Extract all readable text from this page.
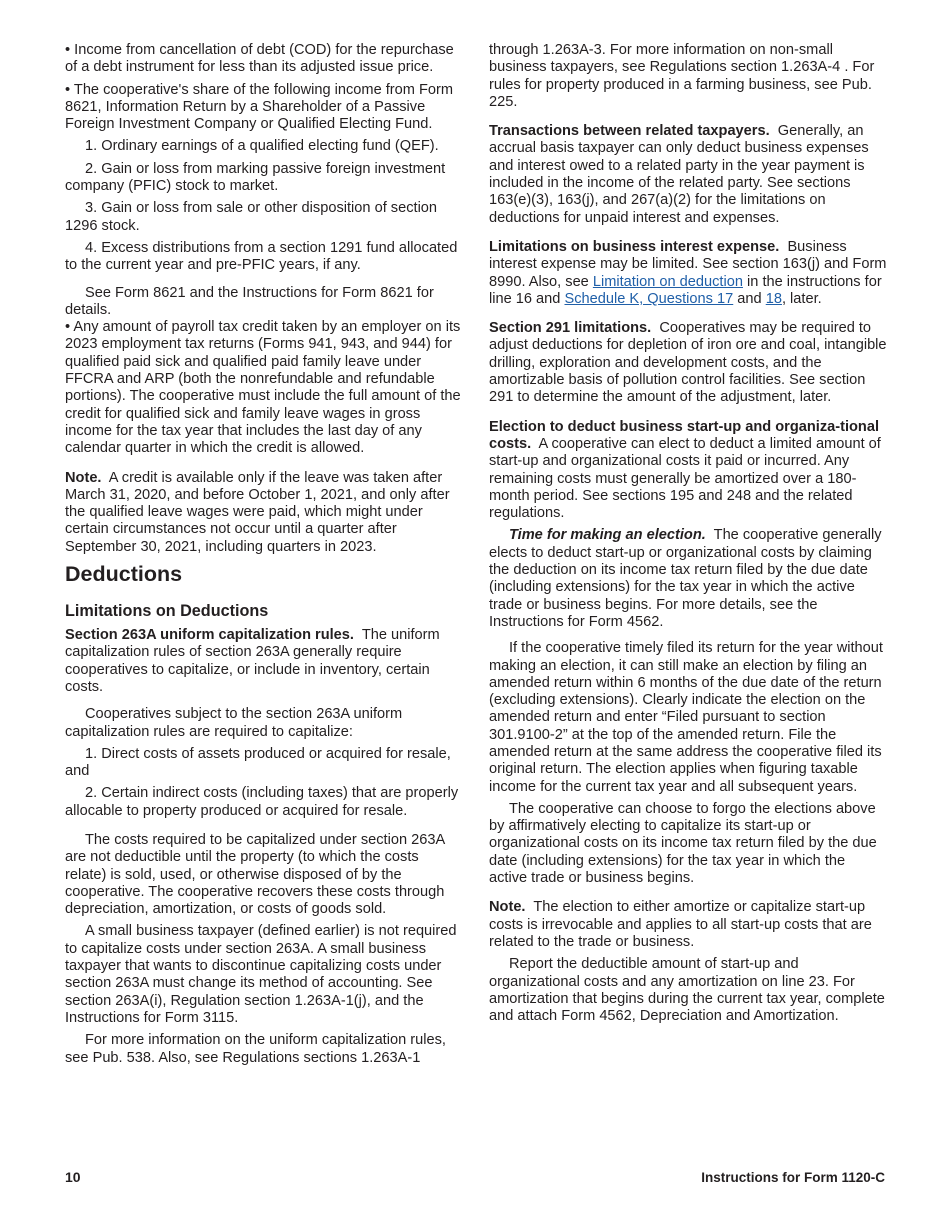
• Income from cancellation of debt (COD) for the repurchase of a debt instrument for less than its adjusted issue price.

• The cooperative's share of the following income from Form 8621, Information Return by a Shareholder of a Passive Foreign Investment Company or Qualified Electing Fund.

1. Ordinary earnings of a qualified electing fund (QEF).

2. Gain or loss from marking passive foreign investment company (PFIC) stock to market.

3. Gain or loss from sale or other disposition of section 1296 stock.

4. Excess distributions from a section 1291 fund allocated to the current year and pre-PFIC years, if any.

See Form 8621 and the Instructions for Form 8621 for details.

• Any amount of payroll tax credit taken by an employer on its 2023 employment tax returns (Forms 941, 943, and 944) for qualified paid sick and qualified paid family leave under FFCRA and ARP (both the nonrefundable and refundable portions). The cooperative must include the full amount of the credit for qualified sick and family leave wages in gross income for the tax year that includes the last day of any calendar quarter in which the credit is allowed.

Note. A credit is available only if the leave was taken after March 31, 2020, and before October 1, 2021, and only after the qualified leave wages were paid, which might under certain circumstances not occur until a quarter after September 30, 2021, including quarters in 2023.

Deductions
Limitations on Deductions

Section 263A uniform capitalization rules. The uniform capitalization rules of section 263A generally require cooperatives to capitalize, or include in inventory, certain costs.

Cooperatives subject to the section 263A uniform capitalization rules are required to capitalize:

1. Direct costs of assets produced or acquired for resale, and

2. Certain indirect costs (including taxes) that are properly allocable to property produced or acquired for resale.

The costs required to be capitalized under section 263A are not deductible until the property (to which the costs relate) is sold, used, or otherwise disposed of by the cooperative. The cooperative recovers these costs through depreciation, amortization, or costs of goods sold.

A small business taxpayer (defined earlier) is not required to capitalize costs under section 263A. A small business taxpayer that wants to discontinue capitalizing costs under section 263A must change its method of accounting. See section 263A(i), Regulation section 1.263A-1(j), and the Instructions for Form 3115.

For more information on the uniform capitalization rules, see Pub. 538. Also, see Regulations sections 1.263A-1

through 1.263A-3. For more information on non-small business taxpayers, see Regulations section 1.263A-4 . For rules for property produced in a farming business, see Pub. 225.

Transactions between related taxpayers. Generally, an accrual basis taxpayer can only deduct business expenses and interest owed to a related party in the year payment is included in the income of the related party. See sections 163(e)(3), 163(j), and 267(a)(2) for the limitations on deductions for unpaid interest and expenses.

Limitations on business interest expense. Business interest expense may be limited. See section 163(j) and Form 8990. Also, see Limitation on deduction in the instructions for line 16 and Schedule K, Questions 17 and 18, later.

Section 291 limitations. Cooperatives may be required to adjust deductions for depletion of iron ore and coal, intangible drilling, exploration and development costs, and the amortizable basis of pollution control facilities. See section 291 to determine the amount of the adjustment, later.

Election to deduct business start-up and organiza-tional costs. A cooperative can elect to deduct a limited amount of start-up and organizational costs it paid or incurred. Any remaining costs must generally be amortized over a 180-month period. See sections 195 and 248 and the related regulations.

Time for making an election. The cooperative generally elects to deduct start-up or organizational costs by claiming the deduction on its income tax return filed by the due date (including extensions) for the tax year in which the active trade or business begins. For more details, see the Instructions for Form 4562.

If the cooperative timely filed its return for the year without making an election, it can still make an election by filing an amended return within 6 months of the due date of the return (excluding extensions). Clearly indicate the election on the amended return and enter “Filed pursuant to section 301.9100-2” at the top of the amended return. File the amended return at the same address the cooperative filed its original return. The election applies when figuring taxable income for the current tax year and all subsequent years.

The cooperative can choose to forgo the elections above by affirmatively electing to capitalize its start-up or organizational costs on its income tax return filed by the due date (including extensions) for the tax year in which the active trade or business begins.

Note. The election to either amortize or capitalize start-up costs is irrevocable and applies to all start-up costs that are related to the trade or business.

Report the deductible amount of start-up and organizational costs and any amortization on line 23. For amortization that begins during the current tax year, complete and attach Form 4562, Depreciation and Amortization.

10	Instructions for Form 1120-C
